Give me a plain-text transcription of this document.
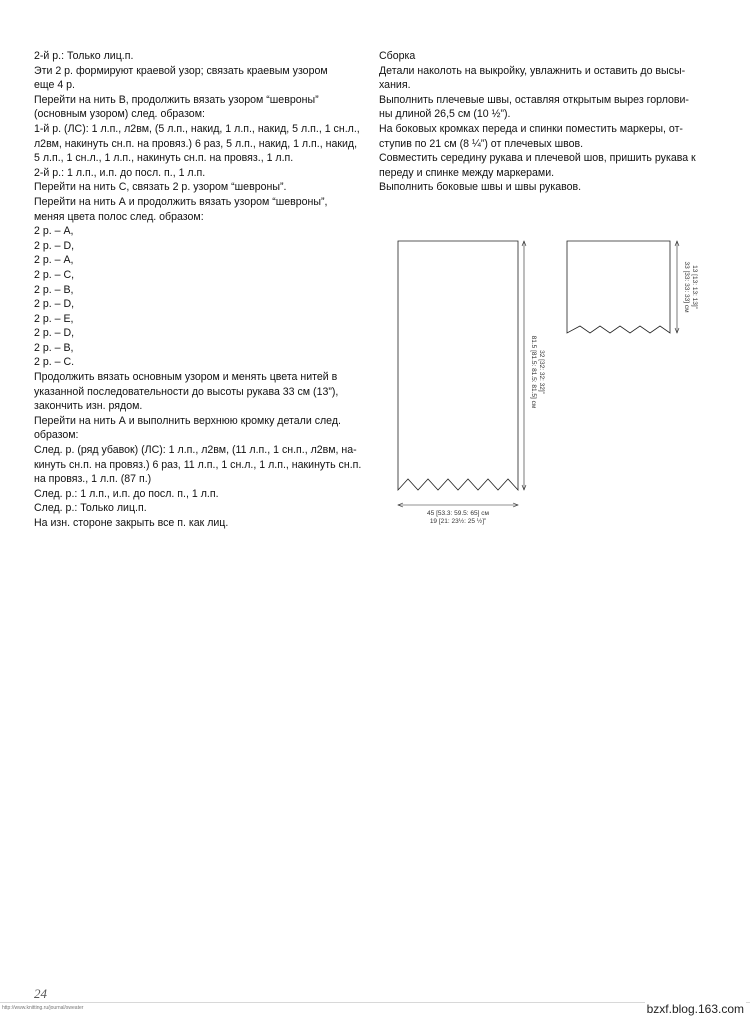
2-й р.: Только лиц.п.

Эти 2 р. формируют краевой узор; связать краевым узором

еще 4 р.

Перейти на нить В, продолжить вязать узором “шевроны”

(основным узором) след. образом:

1-й р. (ЛС): 1 л.п., л2вм, (5 л.п., накид, 1 л.п., накид, 5 л.п., 1 сн.л.,

л2вм, накинуть сн.п. на провяз.) 6 раз, 5 л.п., накид, 1 л.п., накид,

5 л.п., 1 сн.л., 1 л.п., накинуть сн.п. на провяз., 1 л.п.

2-й р.: 1 л.п., и.п. до посл. п., 1 л.п.

Перейти на нить С, связать 2 р. узором “шевроны”.

Перейти на нить А и продолжить вязать узором “шевроны”,

меняя цвета полос след. образом:

2 р. – А,

2 р. – D,

2 р. – А,

2 р. – С,

2 р. – В,

2 р. – D,

2 р. – Е,

2 р. – D,

2 р. – В,

2 р. – С.

Продолжить вязать основным узором и менять цвета нитей в

указанной последовательности до высоты рукава 33 см (13”),

закончить изн. рядом.

Перейти на нить А и выполнить верхнюю кромку детали след.

образом:

След. р. (ряд убавок) (ЛС): 1 л.п., л2вм, (11 л.п., 1 сн.п., л2вм, на-

кинуть сн.п. на провяз.) 6 раз, 11 л.п., 1 сн.л., 1 л.п., накинуть сн.п.

на провяз., 1 л.п. (87 п.)

След. р.: 1 л.п., и.п. до посл. п., 1 л.п.

След. р.: Только лиц.п.

На изн. стороне закрыть все п. как лиц.

Сборка

Детали наколоть на выкройку, увлажнить и оставить до высы-

хания.

Выполнить плечевые швы, оставляя открытым вырез горлови-

ны длиной 26,5 см (10 ½”).

На боковых кромках переда и спинки поместить маркеры, от-

ступив по 21 см (8 ¼”) от плечевых швов.

Совместить середину рукава и плечевой шов, пришить рукава к

переду и спинке между маркерами.

Выполнить боковые швы и швы рукавов.

81.5 [81.5: 81.5: 81.5] см 32 [32: 32: 32]”
45 [53.3: 59.5: 65] см
19 [21: 23½: 25 ½]”
33 [33: 33: 33] см 13 [13: 13: 13]”
24
http://www.knitting.ru/journal/sweater	bzxf.blog.163.com
